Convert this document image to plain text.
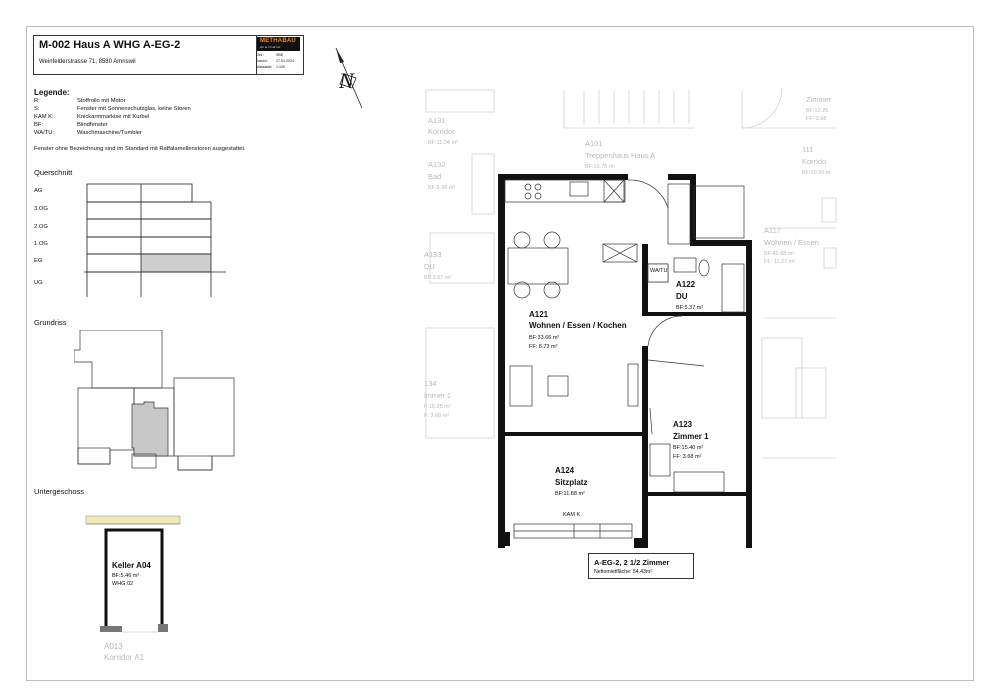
M-002 Haus A WHG A-EG-2
Weinfelderstrasse 71, 8580 Amriswil
METHABAU
ein ar ch all mit
Gez:	SBE
Datum: 17.01.2024
Massstab: 1:100
N
Legende:
R:	Stoffrollo mit Motor
S:	Fenster mit Sonnenschutzglas, keine Storen
KAM K:	Knickarmmarkise mit Kurbel
BF:	Blindfenster
WA/TU:	Waschmaschine/Tumbler
Fenster ohne Bezeichnung sind im Standard mit Raffalamellenstoren ausgestattet.
Querschnitt
AG
3.OG
2.OG
1.OG
EG
UG
Grundriss
Untergeschoss
Keller A04
BF:5.46 m²
WHG 02
A013
Korridor A1
A131
Korridor
BF:11.04 m²
A132
Bad
BF:5.38 m²
A133
DU
BF:3.67 m²
A101
Treppenhaus Haus A
BF:16.75 m²
Zimmer
BF:12.26
FF: 3.68
111
Korrido
BF:10.56 m
A117
Wohnen / Essen
BF:42.68 m²
FF: 11.27 m²
134
immer 1
F:15.25 m²
F: 3.68 m²
A121
Wohnen / Essen / Kochen
BF:33.66 m²
FF: 8.73 m²
WA/TU
A122
DU
BF:5.37 m²
A123
Zimmer 1
BF:15.40 m²
FF: 3.68 m²
A124
Sitzplatz
BF:11.88 m²
KAM K
A-EG-2, 2 1/2 Zimmer
Nettomietfläche: 54.43m²
